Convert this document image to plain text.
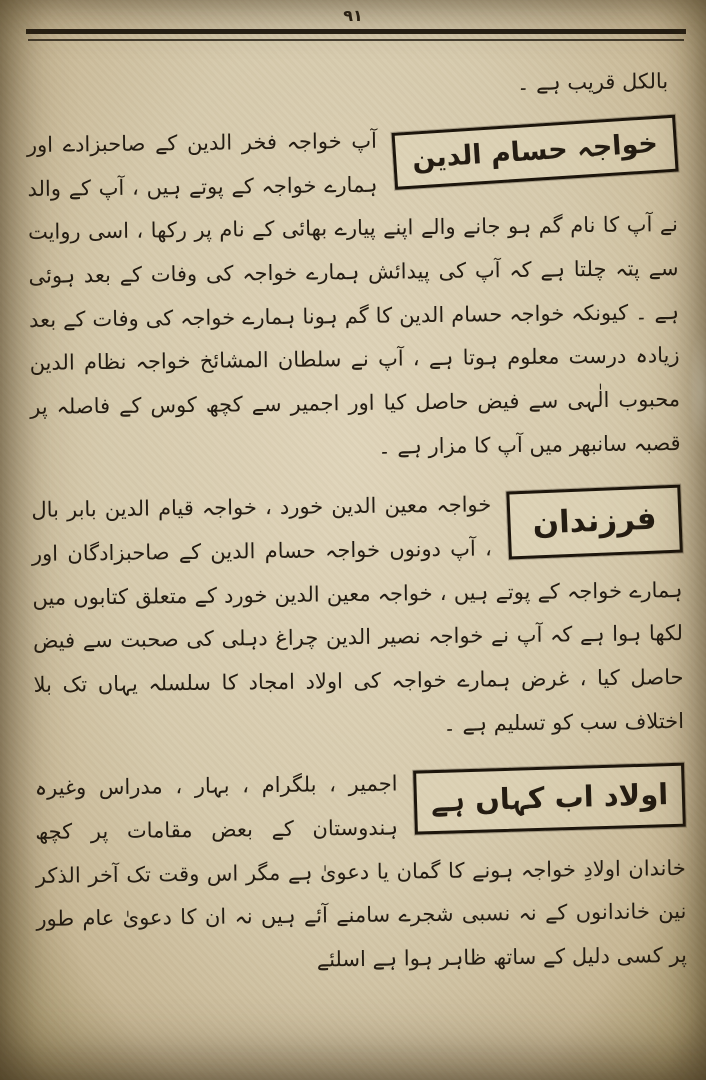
۹۱

بالکل قریب ہے ۔

خواجہ حسام الدین

آپ خواجہ فخر الدین کے صاحبزادے اور ہمارے خواجہ کے پوتے ہیں ، آپ کے والد نے آپ کا نام گم ہو جانے والے اپنے پیارے بھائی کے نام پر رکھا ، اسی روایت سے پتہ چلتا ہے کہ آپ کی پیدائش ہمارے خواجہ کی وفات کے بعد ہوئی ہے ۔ کیونکہ خواجہ حسام الدین کا گم ہونا ہمارے خواجہ کی وفات کے بعد زیادہ درست معلوم ہوتا ہے ، آپ نے سلطان المشائخ خواجہ نظام الدین محبوب الٰہی سے فیض حاصل کیا اور اجمیر سے کچھ کوس کے فاصلہ پر قصبہ سانبھر میں آپ کا مزار ہے ۔

فرزندان

خواجہ معین الدین خورد ، خواجہ قیام الدین بابر بال ، آپ دونوں خواجہ حسام الدین کے صاحبزادگان اور ہمارے خواجہ کے پوتے ہیں ، خواجہ معین الدین خورد کے متعلق کتابوں میں لکھا ہوا ہے کہ آپ نے خواجہ نصیر الدین چراغ دہلی کی صحبت سے فیض حاصل کیا ، غرض ہمارے خواجہ کی اولاد امجاد کا سلسلہ یہاں تک بلا اختلاف سب کو تسلیم ہے ۔

اولاد اب کہاں ہے

اجمیر ، بلگرام ، بہار ، مدراس وغیرہ ہندوستان کے بعض مقامات پر کچھ خاندان اولادِ خواجہ ہونے کا گمان یا دعویٰ ہے مگر اس وقت تک آخر الذکر نین خاندانوں کے نہ نسبی شجرے سامنے آئے ہیں نہ ان کا دعویٰ عام طور پر کسی دلیل کے ساتھ ظاہر ہوا ہے اسلئے
